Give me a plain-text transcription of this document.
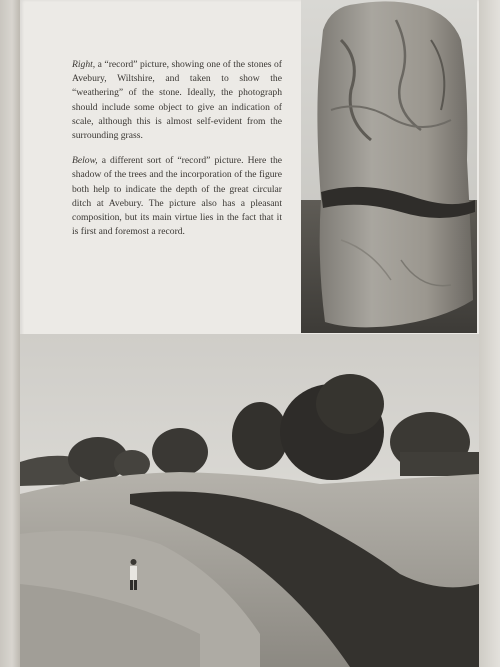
Right, a “record” picture, showing one of the stones of Avebury, Wiltshire, and taken to show the “weathering” of the stone. Ideally, the photograph should include some object to give an indication of scale, although this is almost self-evident from the surrounding grass.

Below, a different sort of “record” picture. Here the shadow of the trees and the incorporation of the figure both help to indicate the depth of the great circular ditch at Avebury. The picture also has a pleasant composition, but its main virtue lies in the fact that it is first and foremost a record.
